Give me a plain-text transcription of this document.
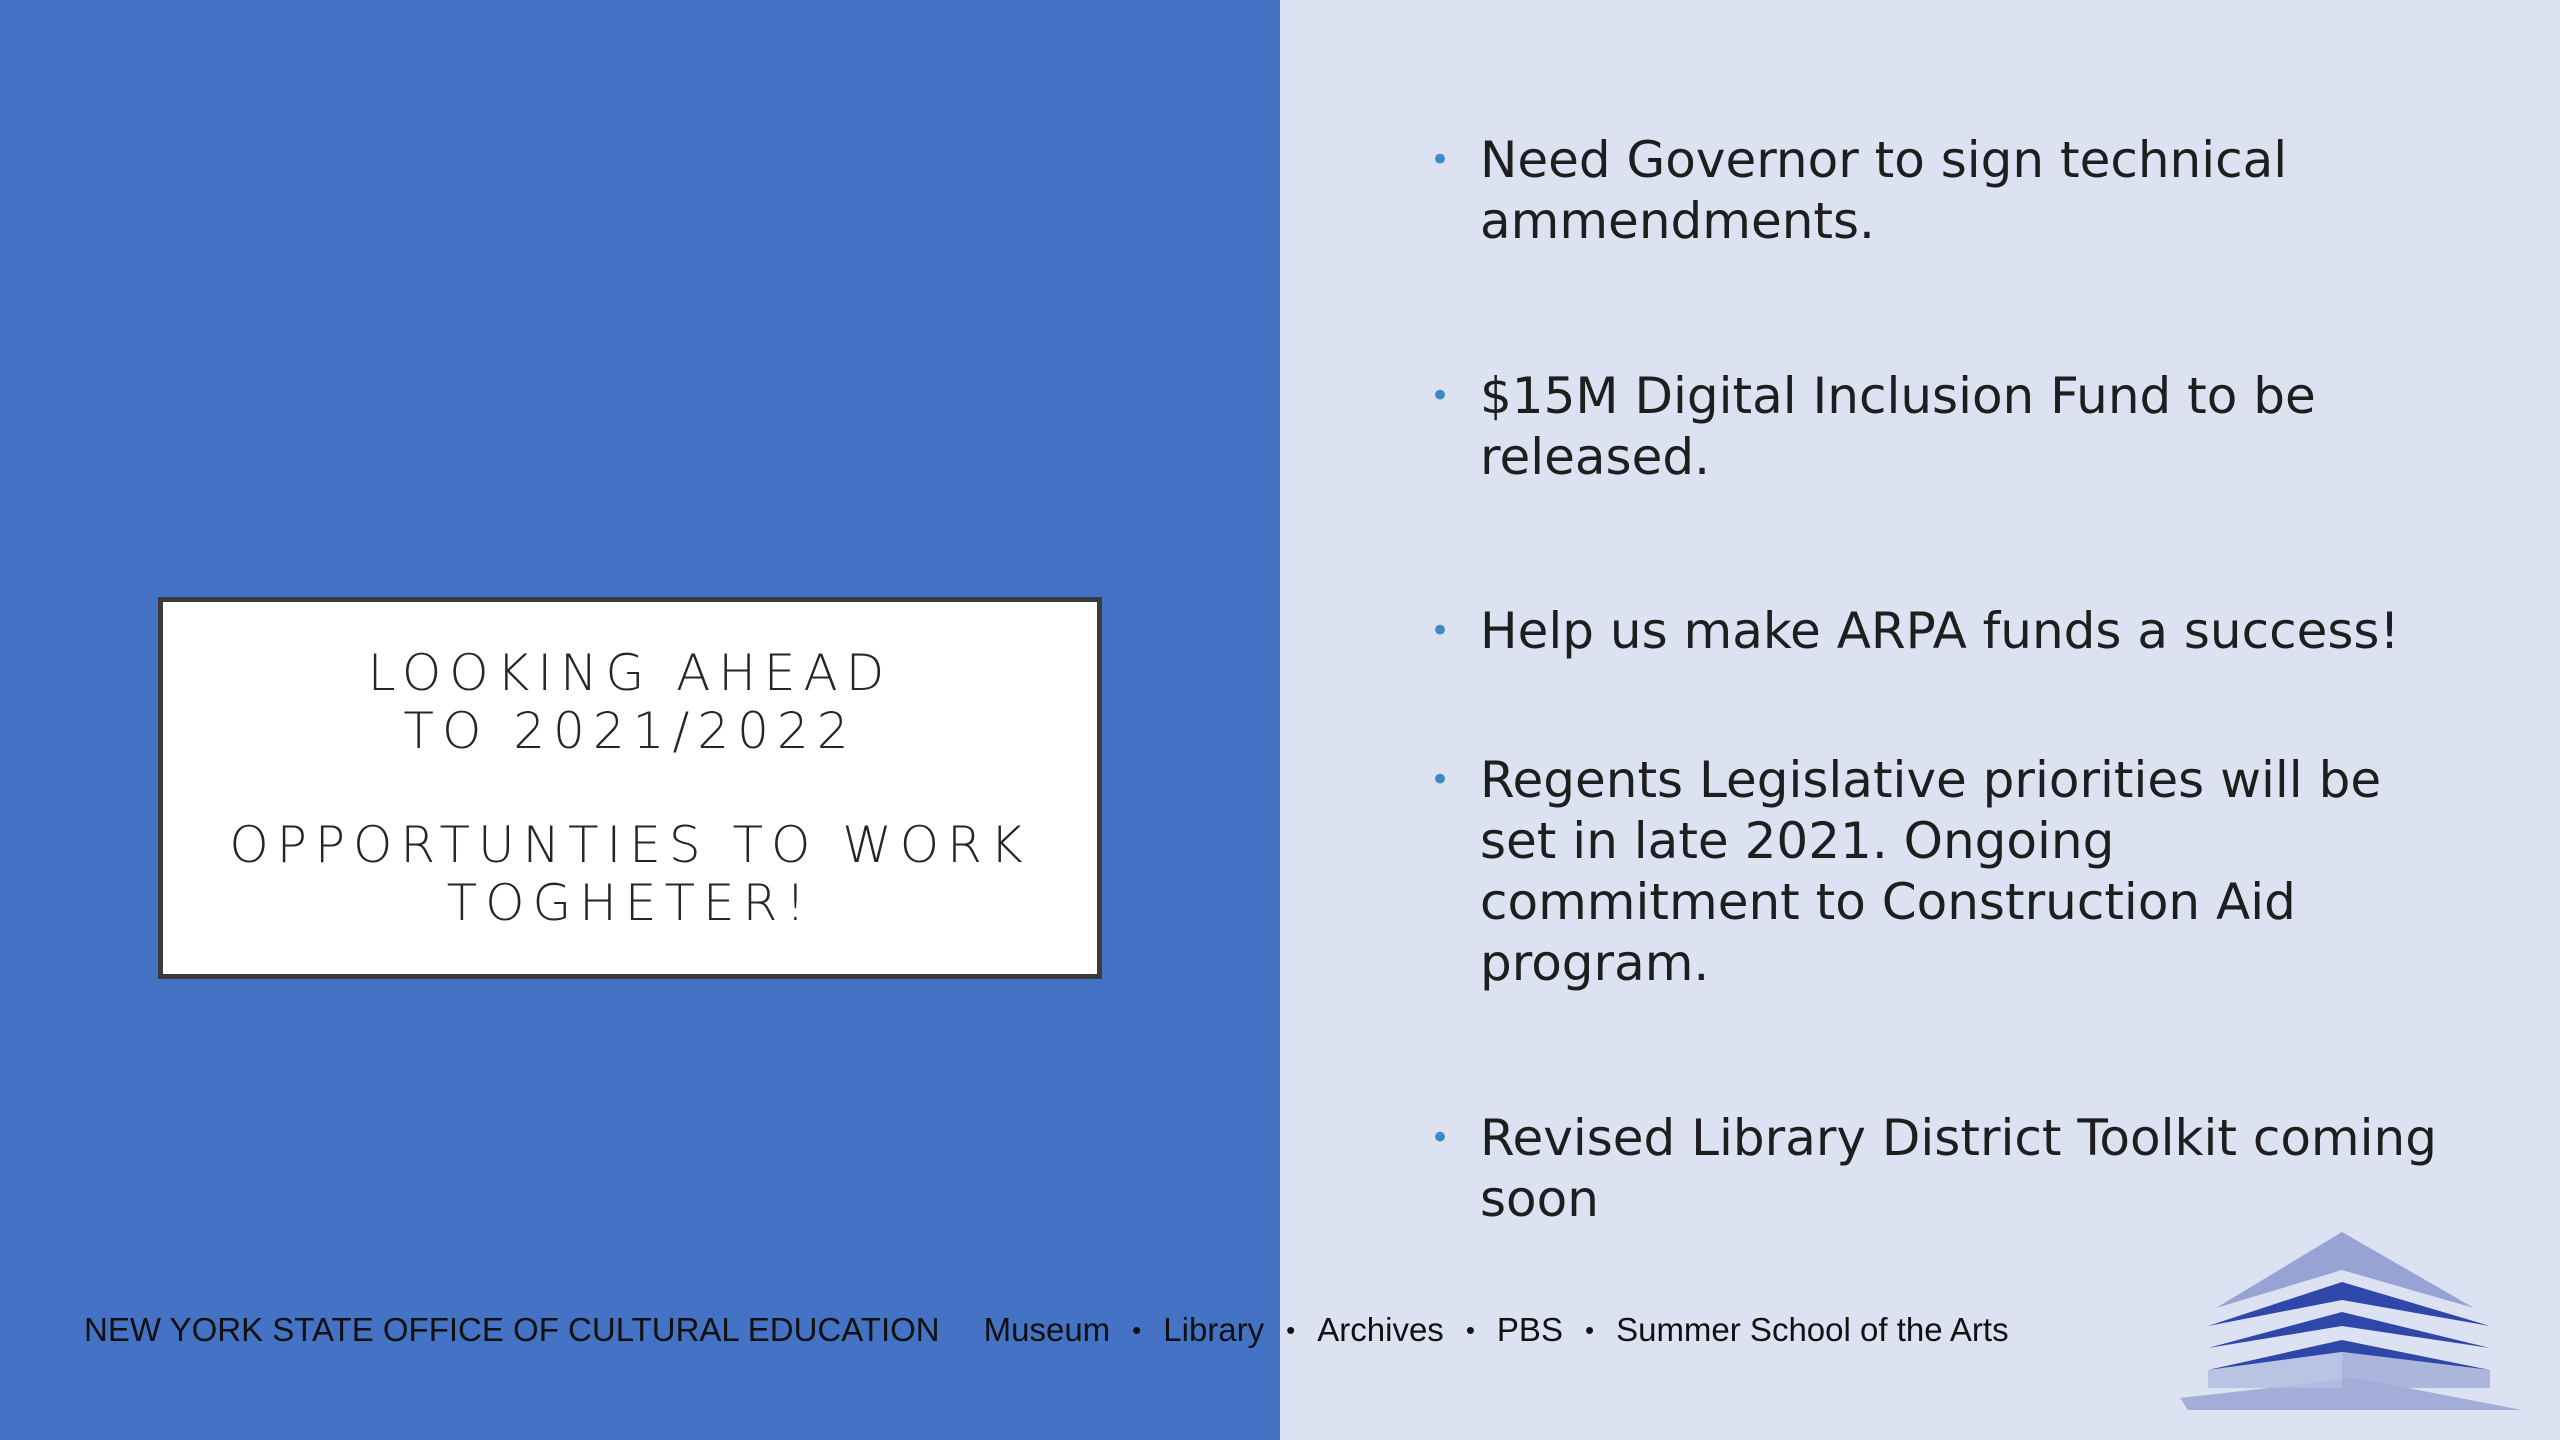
LOOKING AHEAD
TO 2021/2022
OPPORTUNTIES TO WORK
TOGHETER!
• Need Governor to sign technical ammendments.
• $15M Digital Inclusion Fund to be released.
• Help us make ARPA funds a success!
• Regents Legislative priorities will be set in late 2021. Ongoing commitment to Construction Aid program.
• Revised Library District Toolkit coming soon
NEW YORK STATE OFFICE OF CULTURAL EDUCATION Museum • Library • Archives • PBS • Summer School of the Arts
